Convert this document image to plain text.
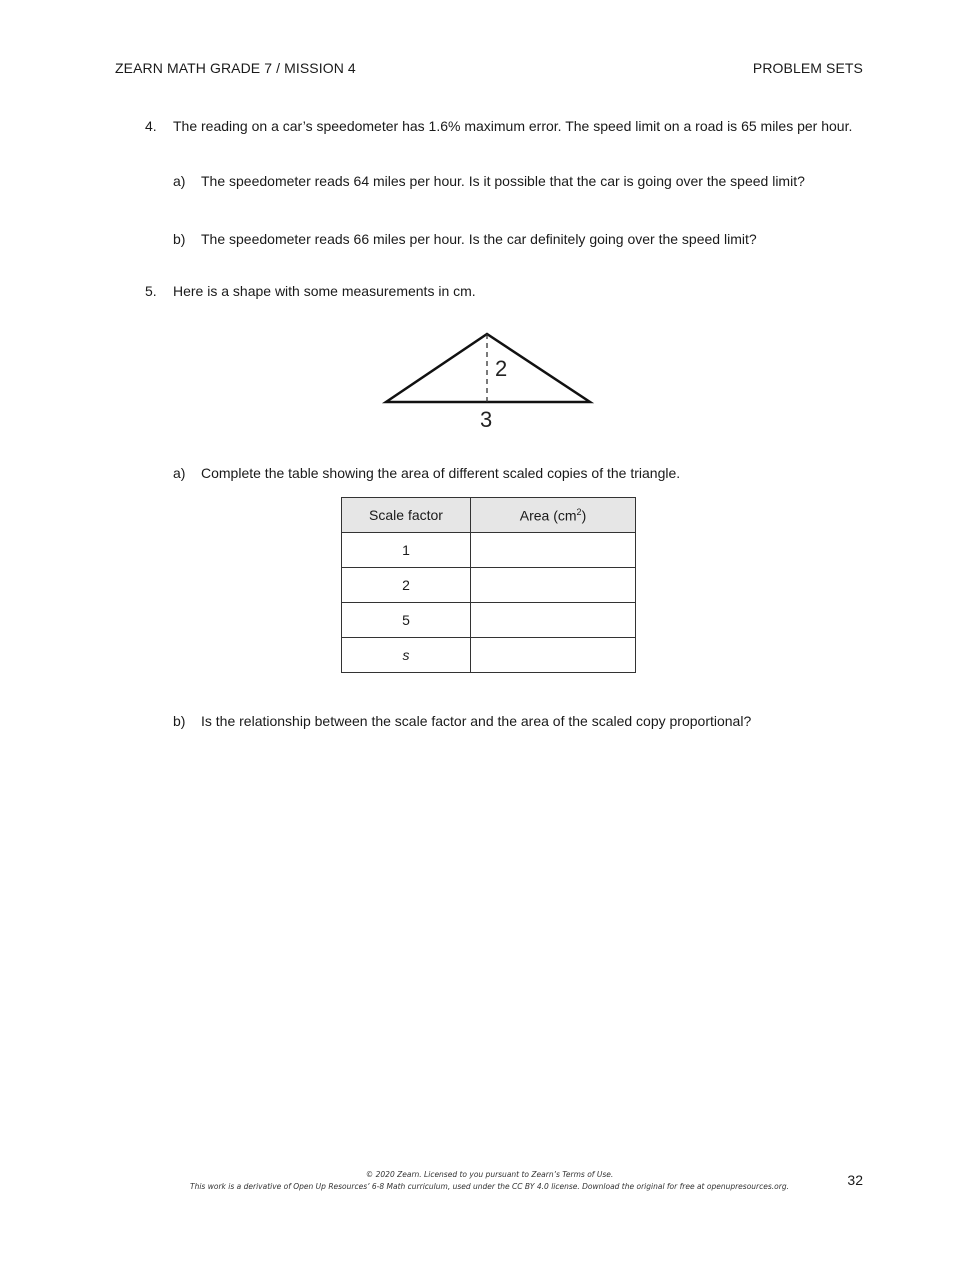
ZEARN MATH GRADE 7 / MISSION 4	PROBLEM SETS
4. The reading on a car’s speedometer has 1.6% maximum error. The speed limit on a road is 65 miles per hour.
a) The speedometer reads 64 miles per hour. Is it possible that the car is going over the speed limit?
b) The speedometer reads 66 miles per hour. Is the car definitely going over the speed limit?
5. Here is a shape with some measurements in cm.
2
3
a) Complete the table showing the area of different scaled copies of the triangle.
Scale factor	Area $(cm^2)$
1	
2	
5	
s	
b) Is the relationship between the scale factor and the area of the scaled copy proportional?
© 2020 Zearn. Licensed to you pursuant to Zearn’s Terms of Use.
This work is a derivative of Open Up Resources’ 6-8 Math curriculum, used under the CC BY 4.0 license. Download the original for free at openupresources.org.	32
